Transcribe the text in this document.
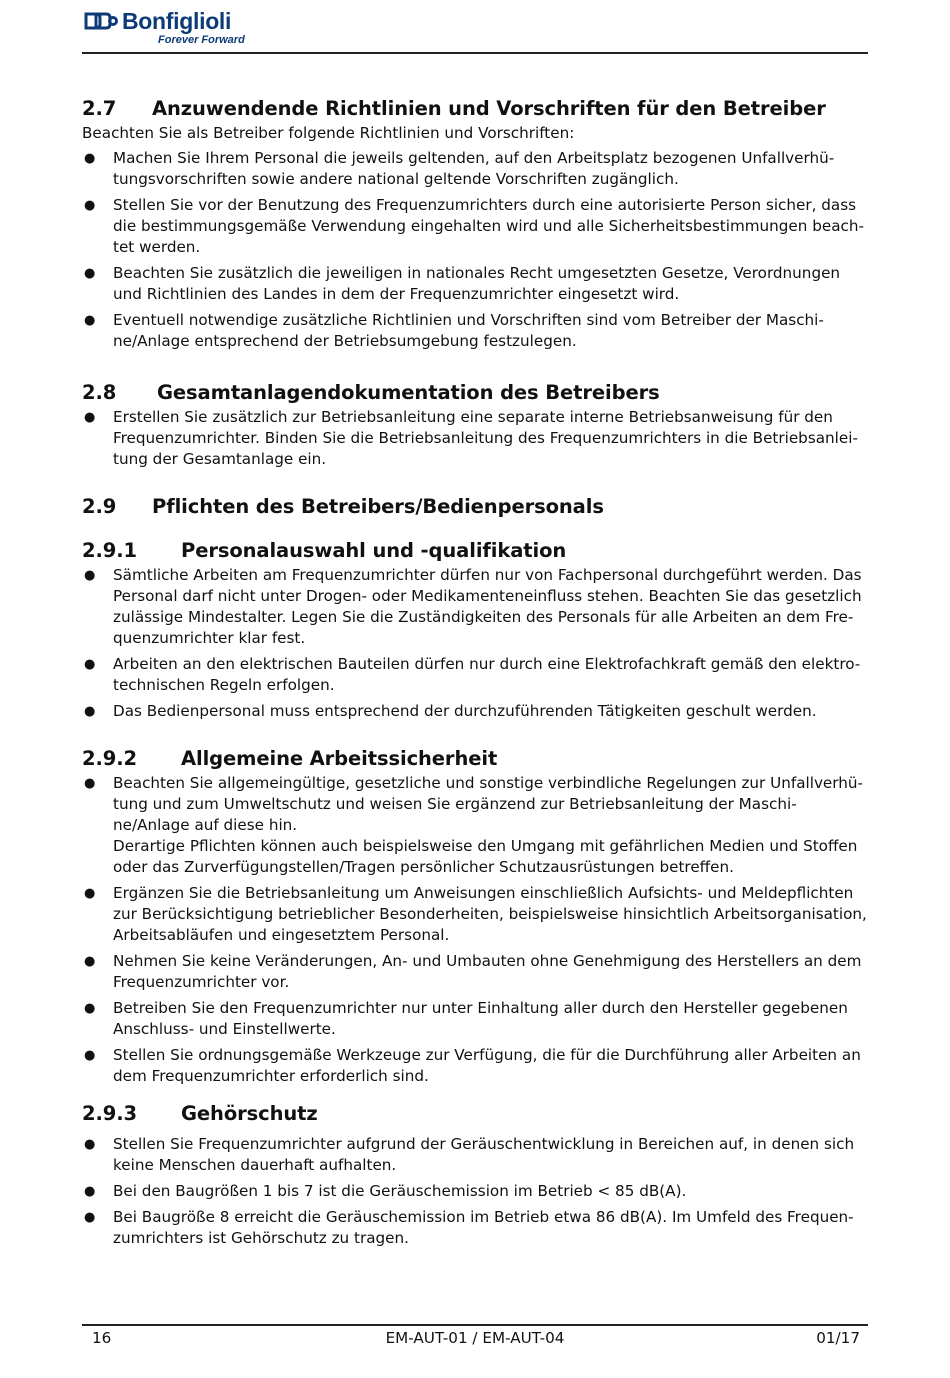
Bonfiglioli
Forever Forward
2.7 Anzuwendende Richtlinien und Vorschriften für den Betreiber

Beachten Sie als Betreiber folgende Richtlinien und Vorschriften:

● Machen Sie Ihrem Personal die jeweils geltenden, auf den Arbeitsplatz bezogenen Unfallverhü-tungsvorschriften sowie andere national geltende Vorschriften zugänglich.
● Stellen Sie vor der Benutzung des Frequenzumrichters durch eine autorisierte Person sicher, dass die bestimmungsgemäße Verwendung eingehalten wird und alle Sicherheitsbestimmungen beach-tet werden.
● Beachten Sie zusätzlich die jeweiligen in nationales Recht umgesetzten Gesetze, Verordnungen und Richtlinien des Landes in dem der Frequenzumrichter eingesetzt wird.
● Eventuell notwendige zusätzliche Richtlinien und Vorschriften sind vom Betreiber der Maschi-ne/Anlage entsprechend der Betriebsumgebung festzulegen.
2.8 Gesamtanlagendokumentation des Betreibers
● Erstellen Sie zusätzlich zur Betriebsanleitung eine separate interne Betriebsanweisung für den Frequenzumrichter. Binden Sie die Betriebsanleitung des Frequenzumrichters in die Betriebsanlei-tung der Gesamtanlage ein.
2.9 Pflichten des Betreibers/Bedienpersonals
2.9.1 Personalauswahl und -qualifikation
● Sämtliche Arbeiten am Frequenzumrichter dürfen nur von Fachpersonal durchgeführt werden. Das Personal darf nicht unter Drogen- oder Medikamenteneinfluss stehen. Beachten Sie das gesetzlich zulässige Mindestalter. Legen Sie die Zuständigkeiten des Personals für alle Arbeiten an dem Fre-quenzumrichter klar fest.
● Arbeiten an den elektrischen Bauteilen dürfen nur durch eine Elektrofachkraft gemäß den elektro-technischen Regeln erfolgen.
● Das Bedienpersonal muss entsprechend der durchzuführenden Tätigkeiten geschult werden.
2.9.2 Allgemeine Arbeitssicherheit
● Beachten Sie allgemeingültige, gesetzliche und sonstige verbindliche Regelungen zur Unfallverhü-tung und zum Umweltschutz und weisen Sie ergänzend zur Betriebsanleitung der Maschi-ne/Anlage auf diese hin.
Derartige Pflichten können auch beispielsweise den Umgang mit gefährlichen Medien und Stoffen oder das Zurverfügungstellen/Tragen persönlicher Schutzausrüstungen betreffen.
● Ergänzen Sie die Betriebsanleitung um Anweisungen einschließlich Aufsichts- und Meldepflichten zur Berücksichtigung betrieblicher Besonderheiten, beispielsweise hinsichtlich Arbeitsorganisation, Arbeitsabläufen und eingesetztem Personal.
● Nehmen Sie keine Veränderungen, An- und Umbauten ohne Genehmigung des Herstellers an dem Frequenzumrichter vor.
● Betreiben Sie den Frequenzumrichter nur unter Einhaltung aller durch den Hersteller gegebenen Anschluss- und Einstellwerte.
● Stellen Sie ordnungsgemäße Werkzeuge zur Verfügung, die für die Durchführung aller Arbeiten an dem Frequenzumrichter erforderlich sind.
2.9.3 Gehörschutz
● Stellen Sie Frequenzumrichter aufgrund der Geräuschentwicklung in Bereichen auf, in denen sich keine Menschen dauerhaft aufhalten.
● Bei den Baugrößen 1 bis 7 ist die Geräuschemission im Betrieb < 85 dB(A).
● Bei Baugröße 8 erreicht die Geräuschemission im Betrieb etwa 86 dB(A). Im Umfeld des Frequen-zumrichters ist Gehörschutz zu tragen.
16	EM-AUT-01 / EM-AUT-04	01/17
